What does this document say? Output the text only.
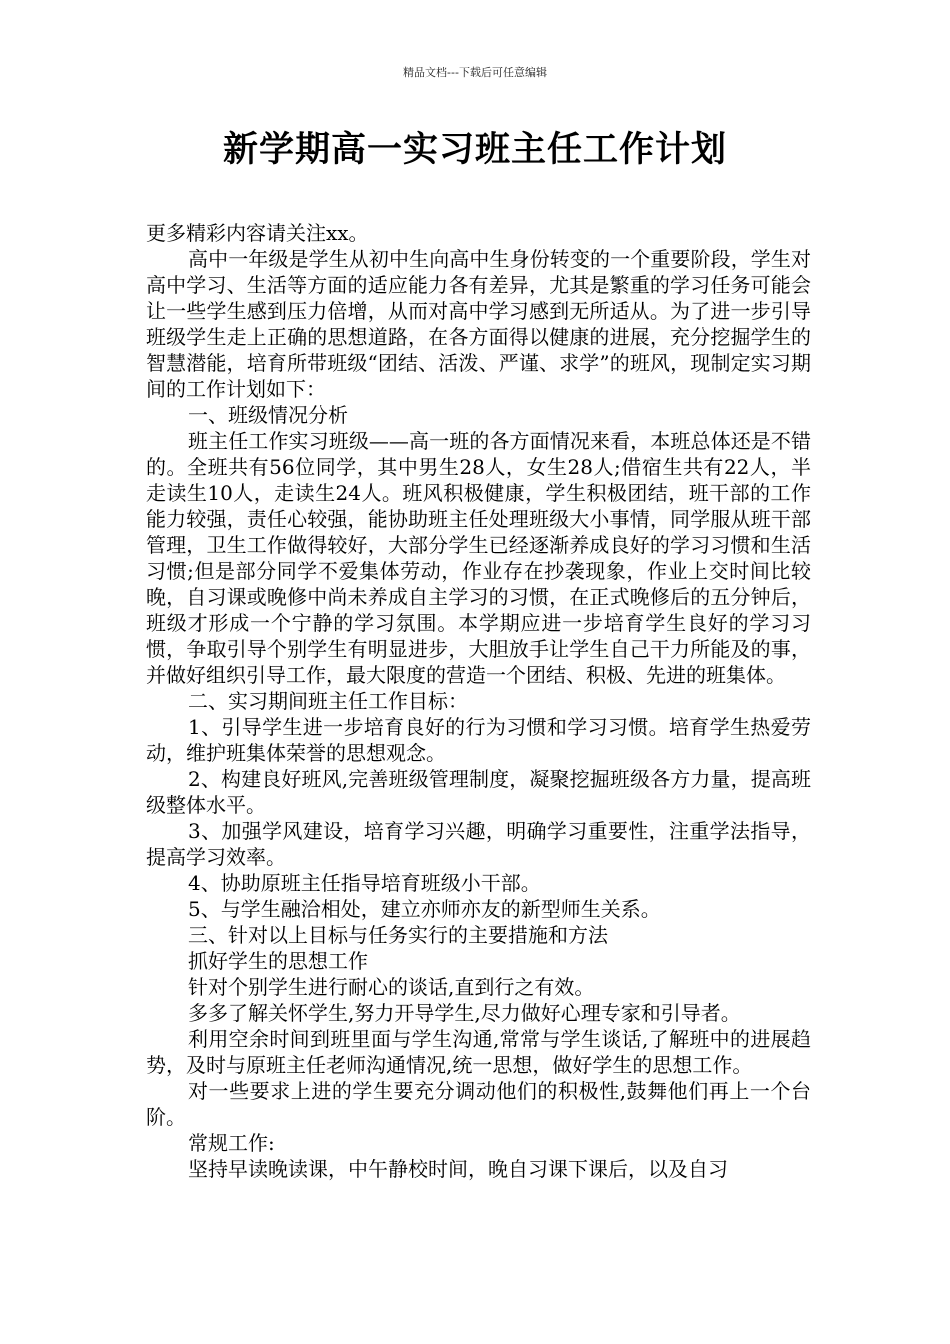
精品文档---下载后可任意编辑
新学期高一实习班主任工作计划

更多精彩内容请关注xx。

高中一年级是学生从初中生向高中生身份转变的一个重要阶段，学生对高中学习、生活等方面的适应能力各有差异，尤其是繁重的学习任务可能会让一些学生感到压力倍增，从而对高中学习感到无所适从。为了进一步引导班级学生走上正确的思想道路，在各方面得以健康的进展，充分挖掘学生的智慧潜能，培育所带班级“团结、活泼、严谨、求学”的班风，现制定实习期间的工作计划如下：

一、班级情况分析

班主任工作实习班级——高一班的各方面情况来看，本班总体还是不错的。全班共有56位同学，其中男生28人，女生28人;借宿生共有22人，半走读生10人，走读生24人。班风积极健康，学生积极团结，班干部的工作能力较强，责任心较强，能协助班主任处理班级大小事情，同学服从班干部管理，卫生工作做得较好，大部分学生已经逐渐养成良好的学习习惯和生活习惯;但是部分同学不爱集体劳动，作业存在抄袭现象，作业上交时间比较晚，自习课或晚修中尚未养成自主学习的习惯，在正式晚修后的五分钟后，班级才形成一个宁静的学习氛围。本学期应进一步培育学生良好的学习习惯，争取引导个别学生有明显进步，大胆放手让学生自己干力所能及的事，并做好组织引导工作，最大限度的营造一个团结、积极、先进的班集体。

二、实习期间班主任工作目标：

1、引导学生进一步培育良好的行为习惯和学习习惯。培育学生热爱劳动，维护班集体荣誉的思想观念。

2、构建良好班风,完善班级管理制度，凝聚挖掘班级各方力量，提高班级整体水平。

3、加强学风建设，培育学习兴趣，明确学习重要性，注重学法指导，提高学习效率。

4、协助原班主任指导培育班级小干部。

5、与学生融洽相处，建立亦师亦友的新型师生关系。

三、针对以上目标与任务实行的主要措施和方法

抓好学生的思想工作

针对个别学生进行耐心的谈话,直到行之有效。

多多了解关怀学生,努力开导学生,尽力做好心理专家和引导者。

利用空余时间到班里面与学生沟通,常常与学生谈话,了解班中的进展趋势，及时与原班主任老师沟通情况,统一思想，做好学生的思想工作。

对一些要求上进的学生要充分调动他们的积极性,鼓舞他们再上一个台阶。

常规工作:

坚持早读晚读课，中午静校时间，晚自习课下课后，以及自习
